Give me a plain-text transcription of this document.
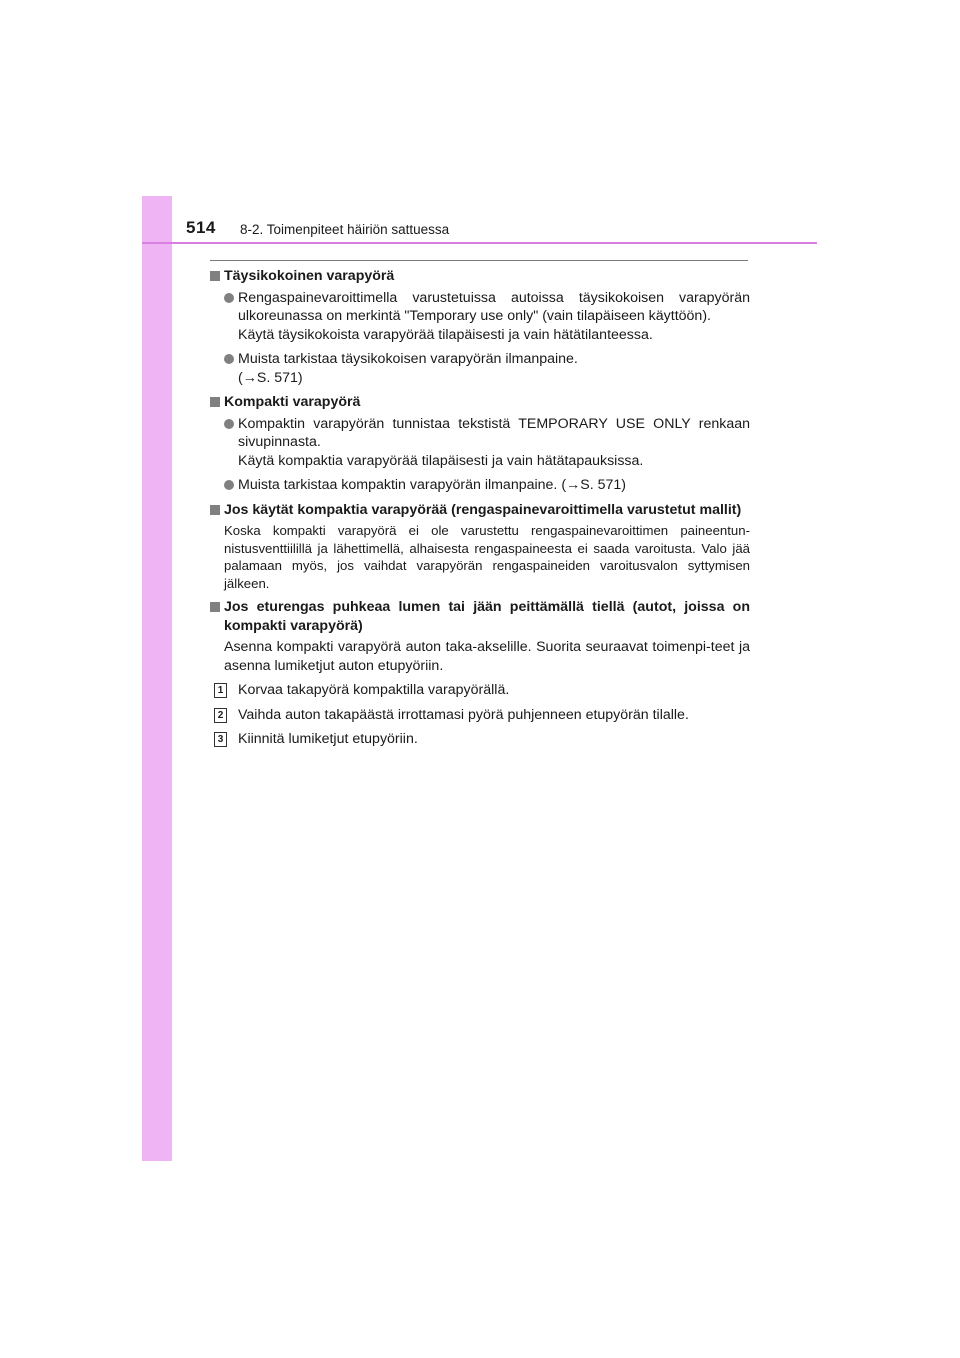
514 8-2. Toimenpiteet häiriön sattuessa
Täysikokoinen varapyörä
Rengaspainevaroittimella varustetuissa autoissa täysikokoisen varapyörän ulkoreunassa on merkintä "Temporary use only" (vain tilapäiseen käyttöön).
Käytä täysikokoista varapyörää tilapäisesti ja vain hätätilanteessa.
Muista tarkistaa täysikokoisen varapyörän ilmanpaine.
(→S. 571)
Kompakti varapyörä
Kompaktin varapyörän tunnistaa tekstistä TEMPORARY USE ONLY renkaan sivupinnasta.
Käytä kompaktia varapyörää tilapäisesti ja vain hätätapauksissa.
Muista tarkistaa kompaktin varapyörän ilmanpaine. (→S. 571)
Jos käytät kompaktia varapyörää (rengaspainevaroittimella varustetut mallit)
Koska kompakti varapyörä ei ole varustettu rengaspainevaroittimen paineentun-nistusventtiilillä ja lähettimellä, alhaisesta rengaspaineesta ei saada varoitusta. Valo jää palamaan myös, jos vaihdat varapyörän rengaspaineiden varoitusvalon syttymisen jälkeen.
Jos eturengas puhkeaa lumen tai jään peittämällä tiellä (autot, joissa on kompakti varapyörä)
Asenna kompakti varapyörä auton taka-akselille. Suorita seuraavat toimenpi-teet ja asenna lumiketjut auton etupyöriin.
1 Korvaa takapyörä kompaktilla varapyörällä.
2 Vaihda auton takapäästä irrottamasi pyörä puhjenneen etupyörän tilalle.
3 Kiinnitä lumiketjut etupyöriin.
